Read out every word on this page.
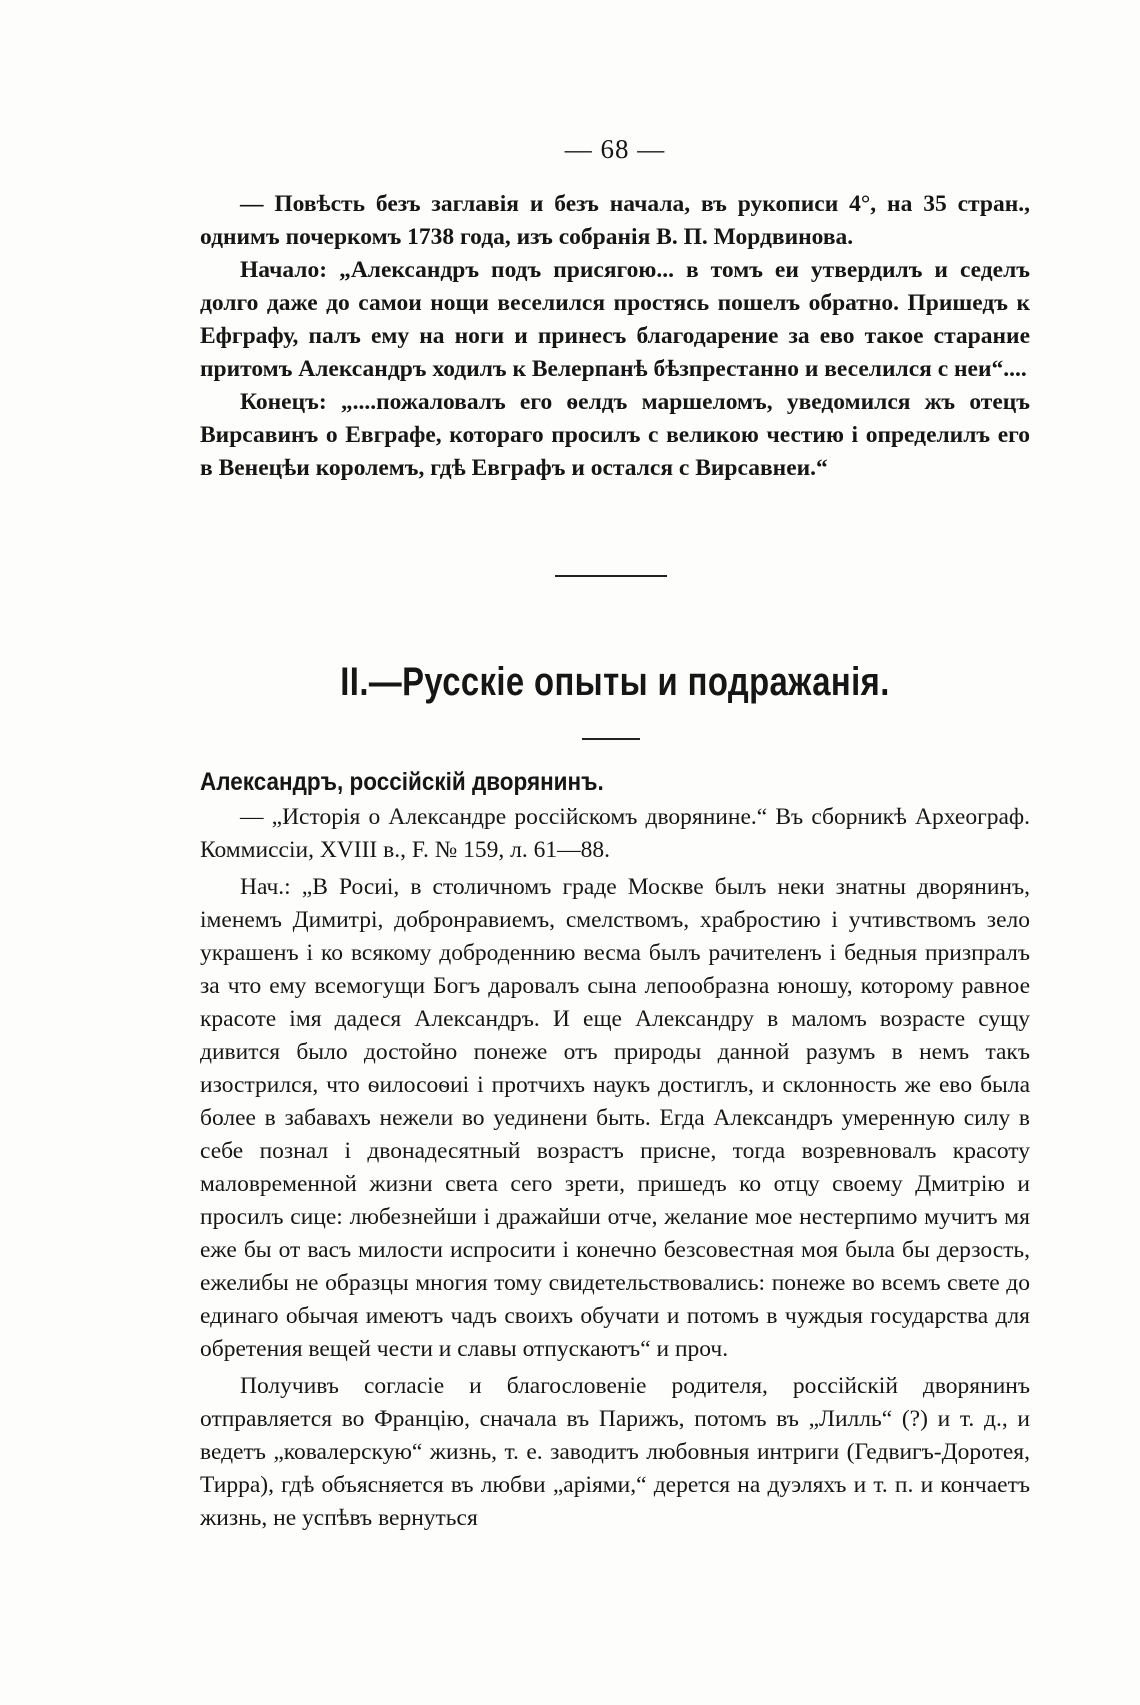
— 68 —

— Повѣсть безъ заглавія и безъ начала, въ рукописи 4°, на 35 стран., однимъ почеркомъ 1738 года, изъ собранія В. П. Мордвинова.

Начало: „Александръ подъ присягою... в томъ еи утвердилъ и седелъ долго даже до самои нощи веселился простясь пошелъ обратно. Пришедъ к Ефграфу, палъ ему на ноги и принесъ благодарение за ево такое старание притомъ Александръ ходилъ к Велерпанѣ бѣзпрестанно и веселился с неи“....

Конецъ: „....пожаловалъ его ѳелдъ маршеломъ, уведомился жъ отецъ Вирсавинъ о Евграфе, котораго просилъ с великою честию і определилъ его в Венецѣи королемъ, гдѣ Евграфъ и остался с Вирсавнеи.“

II.—Русскіе опыты и подражанія.
Александръ, россійскій дворянинъ.

— „Исторія о Александре россійскомъ дворянине.“ Въ сборникѣ Археограф. Коммиссіи, XVIII в., F. № 159, л. 61—88.

Нач.: „В Росиі, в столичномъ граде Москве былъ неки знатны дворянинъ, іменемъ Димитрі, добронравиемъ, смелствомъ, храбростию і учтивствомъ зело украшенъ і ко всякому доброденнию весма былъ рачителенъ і бедныя призпралъ за что ему всемогущи Богъ даровалъ сына лепообразна юношу, которому равное красоте імя дадеся Александръ. И еще Александру в маломъ возрасте сущу дивится было достойно понеже отъ природы данной разумъ в немъ такъ изострился, что ѳилосоѳиі і протчихъ наукъ достиглъ, и склонность же ево была более в забавахъ нежели во уединени быть. Егда Александръ умеренную силу в себе познал і двонадесятный возрастъ присне, тогда возревновалъ красоту маловременной жизни света сего зрети, пришедъ ко отцу своему Дмитрію и просилъ сице: любезнейши і дражайши отче, желание мое нестерпимо мучитъ мя еже бы от васъ милости испросити і конечно безсовестная моя была бы дерзость, ежелибы не образцы многия тому свидетельствовались: понеже во всемъ свете до единаго обычая имеютъ чадъ своихъ обучати и потомъ в чуждыя государства для обретения вещей чести и славы отпускаютъ“ и проч.

Получивъ согласіе и благословеніе родителя, россійскій дворянинъ отправляется во Францію, сначала въ Парижъ, потомъ въ „Лилль“ (?) и т. д., и ведетъ „ковалерскую“ жизнь, т. е. заводитъ любовныя интриги (Гедвигъ-Доротея, Тирра), гдѣ объясняется въ любви „аріями,“ дерется на дуэляхъ и т. п. и кончаетъ жизнь, не успѣвъ вернуться
